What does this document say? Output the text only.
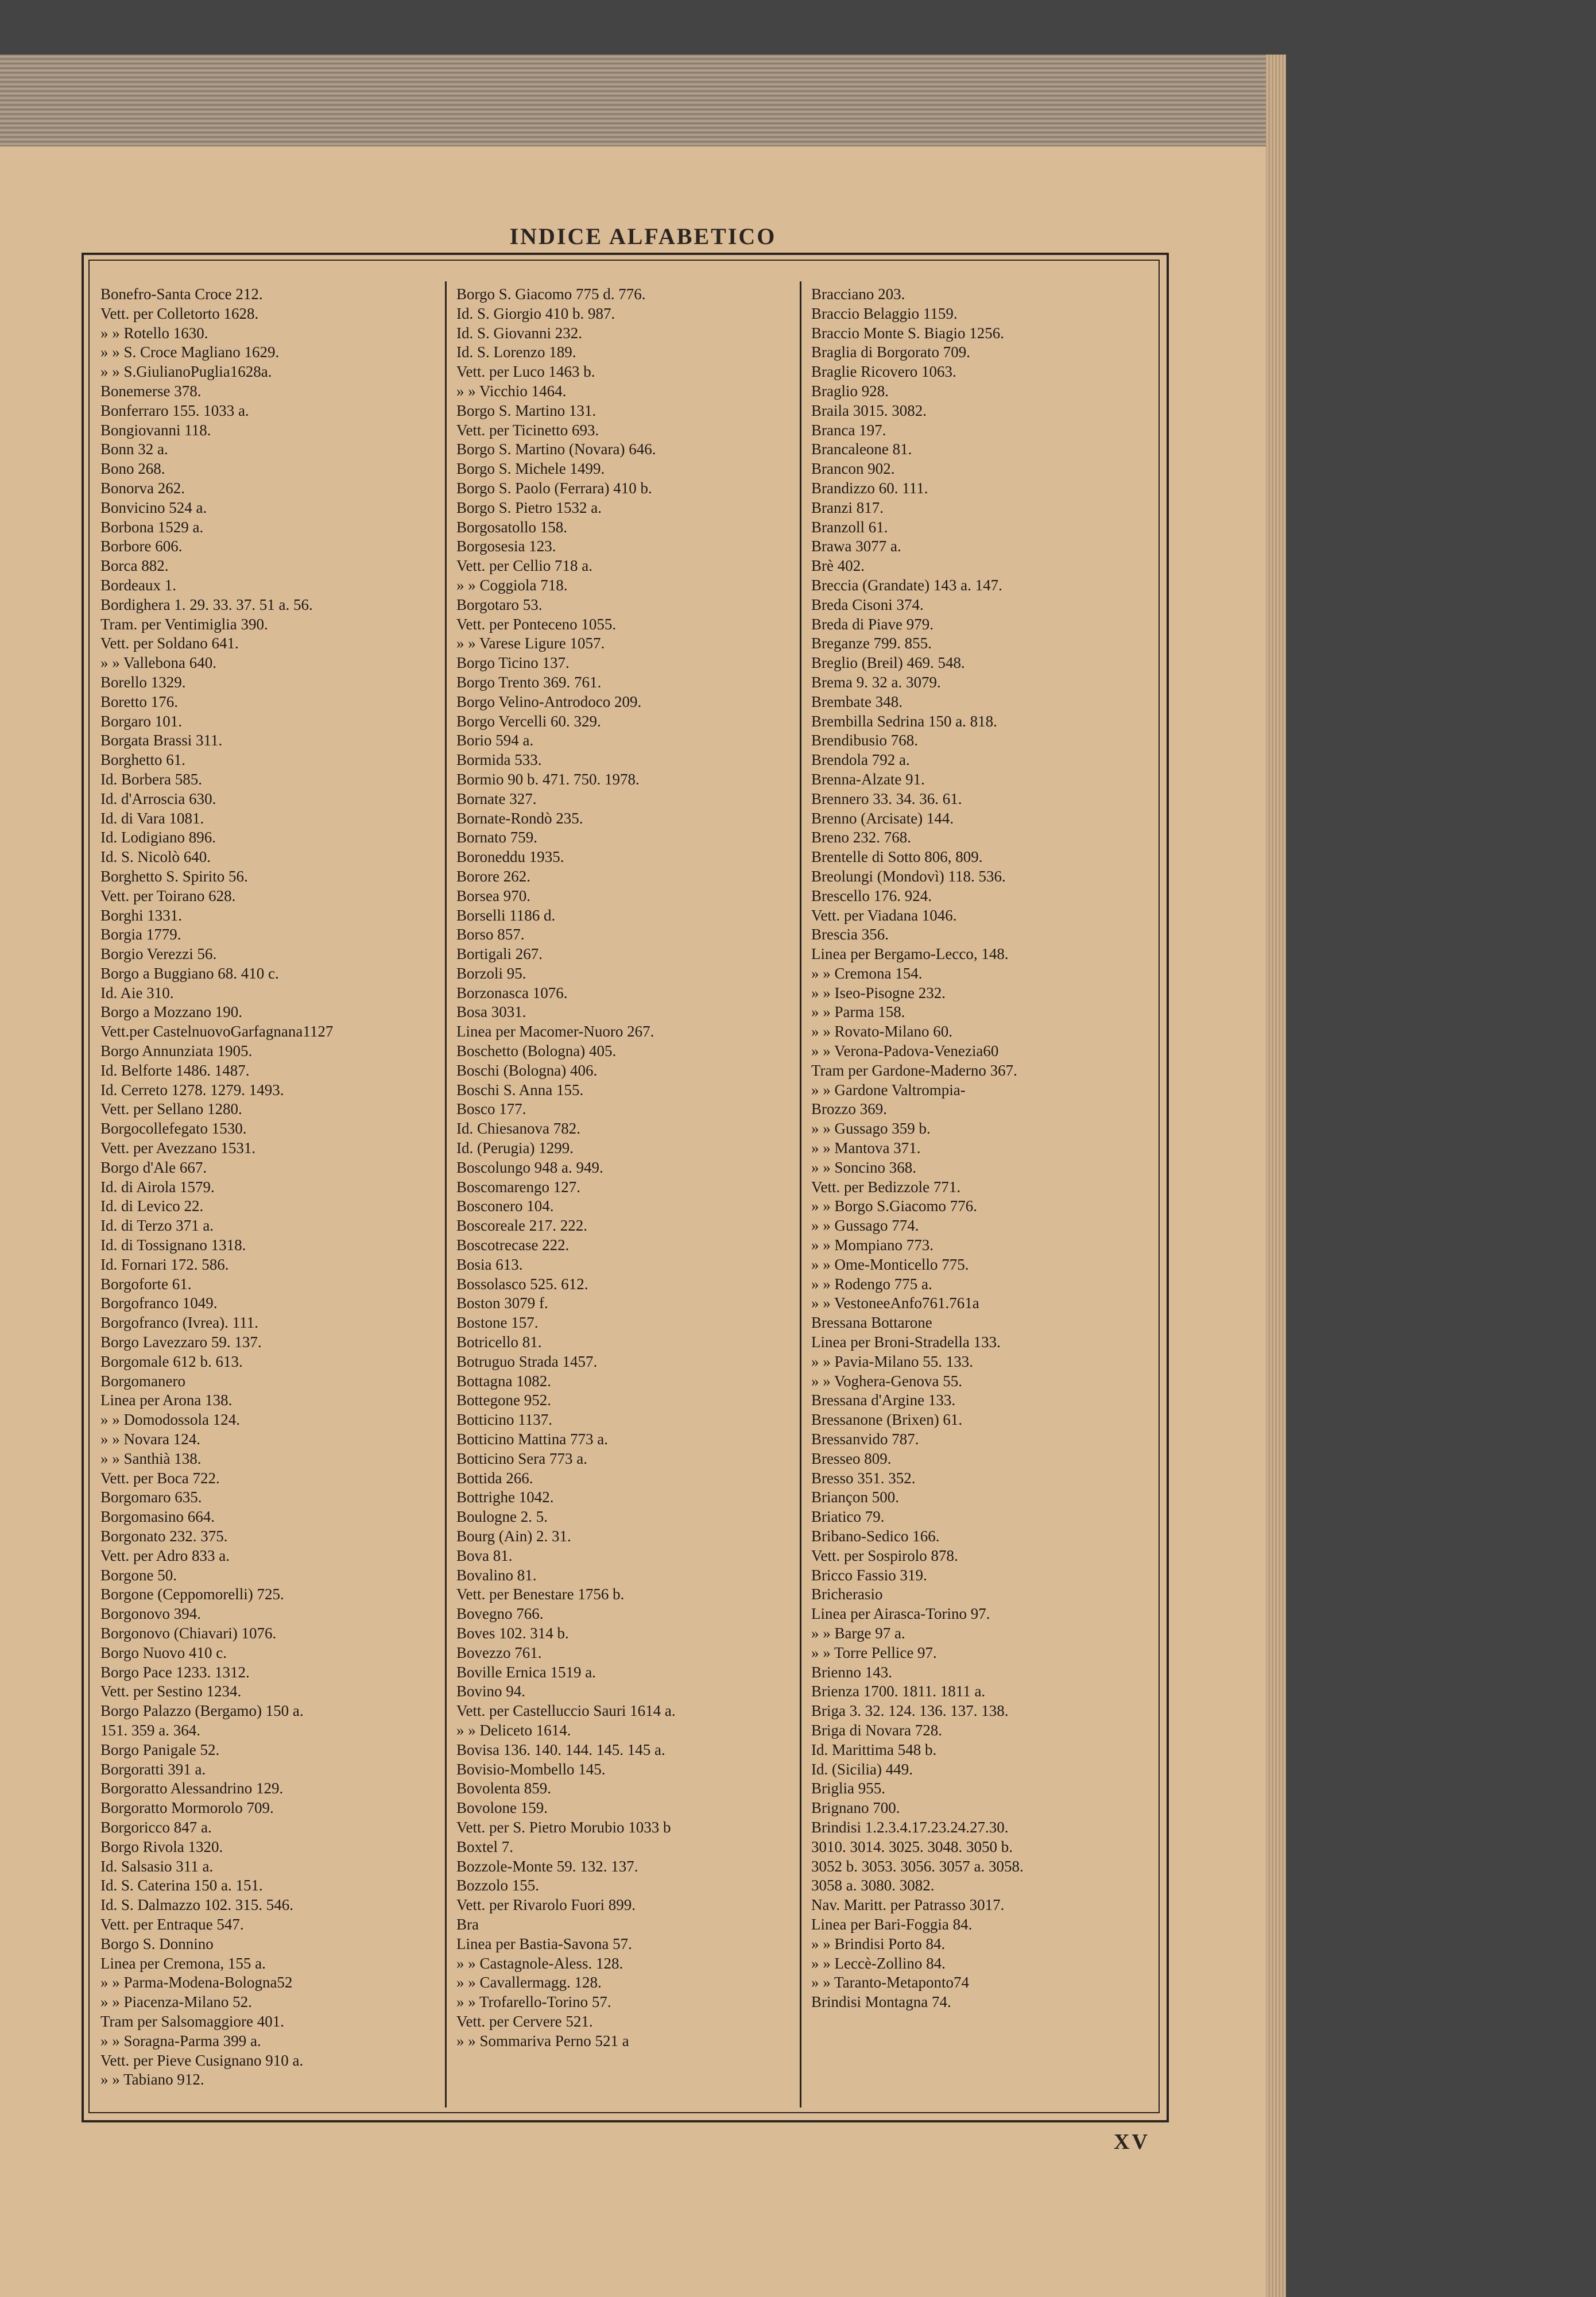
INDICE ALFABETICO
Bonefro-Santa Croce 212.
Vett. per Colletorto 1628.
» » Rotello 1630.
» » S. Croce Magliano 1629.
» » S.GiulianoPuglia1628a.
Bonemerse 378.
Bonferraro 155. 1033 a.
Bongiovanni 118.
Bonn 32 a.
Bono 268.
Bonorva 262.
Bonvicino 524 a.
Borbona 1529 a.
Borbore 606.
Borca 882.
Bordeaux 1.
Bordighera 1. 29. 33. 37. 51 a. 56.
Tram. per Ventimiglia 390.
Vett. per Soldano 641.
» » Vallebona 640.
Borello 1329.
Boretto 176.
Borgaro 101.
Borgata Brassi 311.
Borghetto 61.
Id. Borbera 585.
Id. d'Arroscia 630.
Id. di Vara 1081.
Id. Lodigiano 896.
Id. S. Nicolò 640.
Borghetto S. Spirito 56.
Vett. per Toirano 628.
Borghi 1331.
Borgia 1779.
Borgio Verezzi 56.
Borgo a Buggiano 68. 410 c.
Id. Aie 310.
Borgo a Mozzano 190.
Vett.per CastelnuovoGarfagnana1127
Borgo Annunziata 1905.
Id. Belforte 1486. 1487.
Id. Cerreto 1278. 1279. 1493.
Vett. per Sellano 1280.
Borgocollefegato 1530.
Vett. per Avezzano 1531.
Borgo d'Ale 667.
Id. di Airola 1579.
Id. di Levico 22.
Id. di Terzo 371 a.
Id. di Tossignano 1318.
Id. Fornari 172. 586.
Borgoforte 61.
Borgofranco 1049.
Borgofranco (Ivrea). 111.
Borgo Lavezzaro 59. 137.
Borgomale 612 b. 613.
Borgomanero
Linea per Arona 138.
» » Domodossola 124.
» » Novara 124.
» » Santhià 138.
Vett. per Boca 722.
Borgomaro 635.
Borgomasino 664.
Borgonato 232. 375.
Vett. per Adro 833 a.
Borgone 50.
Borgone (Ceppomorelli) 725.
Borgonovo 394.
Borgonovo (Chiavari) 1076.
Borgo Nuovo 410 c.
Borgo Pace 1233. 1312.
Vett. per Sestino 1234.
Borgo Palazzo (Bergamo) 150 a.
151. 359 a. 364.
Borgo Panigale 52.
Borgoratti 391 a.
Borgoratto Alessandrino 129.
Borgoratto Mormorolo 709.
Borgoricco 847 a.
Borgo Rivola 1320.
Id. Salsasio 311 a.
Id. S. Caterina 150 a. 151.
Id. S. Dalmazzo 102. 315. 546.
Vett. per Entraque 547.
Borgo S. Donnino
Linea per Cremona, 155 a.
» » Parma-Modena-Bologna52
» » Piacenza-Milano 52.
Tram per Salsomaggiore 401.
» » Soragna-Parma 399 a.
Vett. per Pieve Cusignano 910 a.
» » Tabiano 912.
Borgo S. Giacomo 775 d. 776.
Id. S. Giorgio 410 b. 987.
Id. S. Giovanni 232.
Id. S. Lorenzo 189.
Vett. per Luco 1463 b.
» » Vicchio 1464.
Borgo S. Martino 131.
Vett. per Ticinetto 693.
Borgo S. Martino (Novara) 646.
Borgo S. Michele 1499.
Borgo S. Paolo (Ferrara) 410 b.
Borgo S. Pietro 1532 a.
Borgosatollo 158.
Borgosesia 123.
Vett. per Cellio 718 a.
» » Coggiola 718.
Borgotaro 53.
Vett. per Ponteceno 1055.
» » Varese Ligure 1057.
Borgo Ticino 137.
Borgo Trento 369. 761.
Borgo Velino-Antrodoco 209.
Borgo Vercelli 60. 329.
Borio 594 a.
Bormida 533.
Bormio 90 b. 471. 750. 1978.
Bornate 327.
Bornate-Rondò 235.
Bornato 759.
Boroneddu 1935.
Borore 262.
Borsea 970.
Borselli 1186 d.
Borso 857.
Bortigali 267.
Borzoli 95.
Borzonasca 1076.
Bosa 3031.
Linea per Macomer-Nuoro 267.
Boschetto (Bologna) 405.
Boschi (Bologna) 406.
Boschi S. Anna 155.
Bosco 177.
Id. Chiesanova 782.
Id. (Perugia) 1299.
Boscolungo 948 a. 949.
Boscomarengo 127.
Bosconero 104.
Boscoreale 217. 222.
Boscotrecase 222.
Bosia 613.
Bossolasco 525. 612.
Boston 3079 f.
Bostone 157.
Botricello 81.
Botruguo Strada 1457.
Bottagna 1082.
Bottegone 952.
Botticino 1137.
Botticino Mattina 773 a.
Botticino Sera 773 a.
Bottida 266.
Bottrighe 1042.
Boulogne 2. 5.
Bourg (Ain) 2. 31.
Bova 81.
Bovalino 81.
Vett. per Benestare 1756 b.
Bovegno 766.
Boves 102. 314 b.
Bovezzo 761.
Boville Ernica 1519 a.
Bovino 94.
Vett. per Castelluccio Sauri 1614 a.
» » Deliceto 1614.
Bovisa 136. 140. 144. 145. 145 a.
Bovisio-Mombello 145.
Bovolenta 859.
Bovolone 159.
Vett. per S. Pietro Morubio 1033 b
Boxtel 7.
Bozzole-Monte 59. 132. 137.
Bozzolo 155.
Vett. per Rivarolo Fuori 899.
Bra
Linea per Bastia-Savona 57.
» » Castagnole-Aless. 128.
» » Cavallermagg. 128.
» » Trofarello-Torino 57.
Vett. per Cervere 521.
» » Sommariva Perno 521 a
Bracciano 203.
Braccio Belaggio 1159.
Braccio Monte S. Biagio 1256.
Braglia di Borgorato 709.
Braglie Ricovero 1063.
Braglio 928.
Braila 3015. 3082.
Branca 197.
Brancaleone 81.
Brancon 902.
Brandizzo 60. 111.
Branzi 817.
Branzoll 61.
Brawa 3077 a.
Brè 402.
Breccia (Grandate) 143 a. 147.
Breda Cisoni 374.
Breda di Piave 979.
Breganze 799. 855.
Breglio (Breil) 469. 548.
Brema 9. 32 a. 3079.
Brembate 348.
Brembilla Sedrina 150 a. 818.
Brendibusio 768.
Brendola 792 a.
Brenna-Alzate 91.
Brennero 33. 34. 36. 61.
Brenno (Arcisate) 144.
Breno 232. 768.
Brentelle di Sotto 806, 809.
Breolungi (Mondovì) 118. 536.
Brescello 176. 924.
Vett. per Viadana 1046.
Brescia 356.
Linea per Bergamo-Lecco, 148.
» » Cremona 154.
» » Iseo-Pisogne 232.
» » Parma 158.
» » Rovato-Milano 60.
» » Verona-Padova-Venezia60
Tram per Gardone-Maderno 367.
» » Gardone Valtrompia-
Brozzo 369.
» » Gussago 359 b.
» » Mantova 371.
» » Soncino 368.
Vett. per Bedizzole 771.
» » Borgo S.Giacomo 776.
» » Gussago 774.
» » Mompiano 773.
» » Ome-Monticello 775.
» » Rodengo 775 a.
» » VestoneeAnfo761.761a
Bressana Bottarone
Linea per Broni-Stradella 133.
» » Pavia-Milano 55. 133.
» » Voghera-Genova 55.
Bressana d'Argine 133.
Bressanone (Brixen) 61.
Bressanvido 787.
Bresseo 809.
Bresso 351. 352.
Briançon 500.
Briatico 79.
Bribano-Sedico 166.
Vett. per Sospirolo 878.
Bricco Fassio 319.
Bricherasio
Linea per Airasca-Torino 97.
» » Barge 97 a.
» » Torre Pellice 97.
Brienno 143.
Brienza 1700. 1811. 1811 a.
Briga 3. 32. 124. 136. 137. 138.
Briga di Novara 728.
Id. Marittima 548 b.
Id. (Sicilia) 449.
Briglia 955.
Brignano 700.
Brindisi 1.2.3.4.17.23.24.27.30.
3010. 3014. 3025. 3048. 3050 b.
3052 b. 3053. 3056. 3057 a. 3058.
3058 a. 3080. 3082.
Nav. Maritt. per Patrasso 3017.
Linea per Bari-Foggia 84.
» » Brindisi Porto 84.
» » Leccè-Zollino 84.
» » Taranto-Metaponto74
Brindisi Montagna 74.
XV
